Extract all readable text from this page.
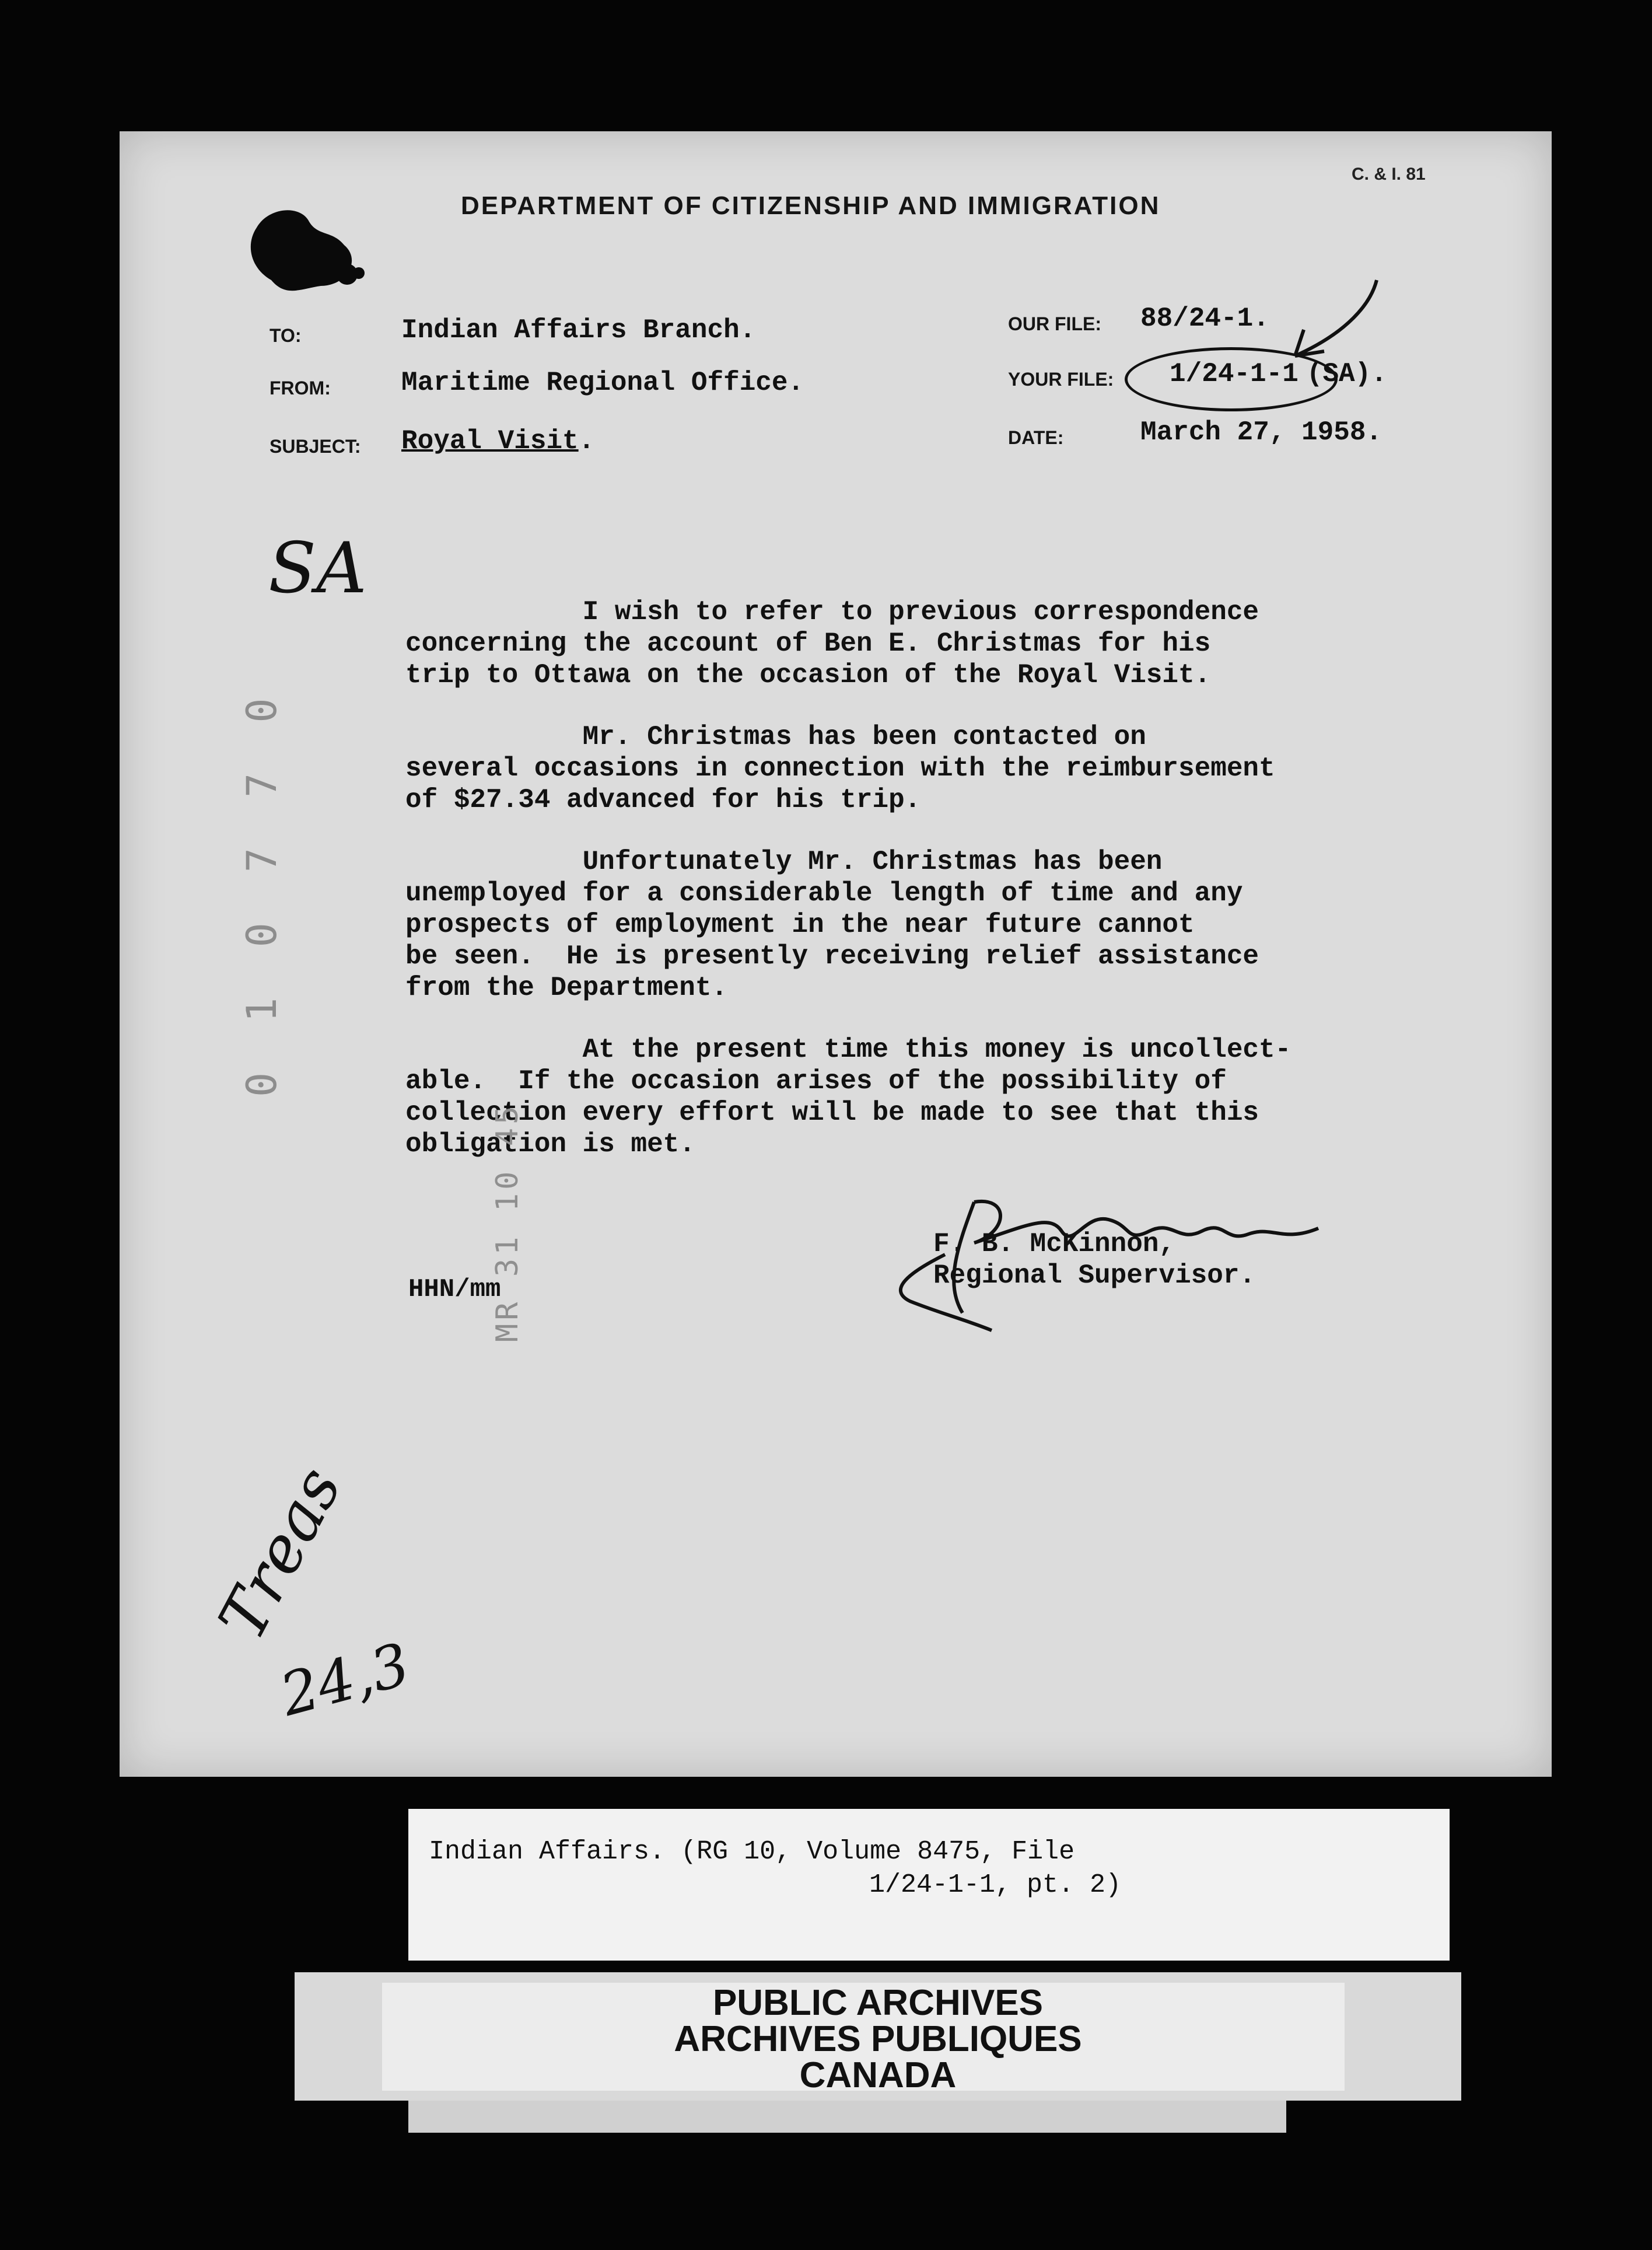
C. & I. 81
DEPARTMENT OF CITIZENSHIP AND IMMIGRATION
TO:	Indian Affairs Branch.
FROM:	Maritime Regional Office.
SUBJECT: Royal Visit.
OUR FILE: 88/24-1.
YOUR FILE: 1/24-1-1 (SA).
DATE:	March 27, 1958.
SA

I wish to refer to previous correspondence
concerning the account of Ben E. Christmas for his
trip to Ottawa on the occasion of the Royal Visit.

Mr. Christmas has been contacted on
several occasions in connection with the reimbursement
of $27.34 advanced for his trip.

Unfortunately Mr. Christmas has been
unemployed for a considerable length of time and any
prospects of employment in the near future cannot
be seen.  He is presently receiving relief assistance
from the Department.

At the present time this money is uncollect-
able.  If the occasion arises of the possibility of
collection every effort will be made to see that this
obligation is met.

0 1 0 7 7 0
MR 31 10 45	F. B. McKinnon,
Regional Supervisor.
HHN/mm
Treas
24,3
Indian Affairs. (RG 10, Volume 8475, File
1/24-1-1, pt. 2)
PUBLIC ARCHIVES
ARCHIVES PUBLIQUES
CANADA
